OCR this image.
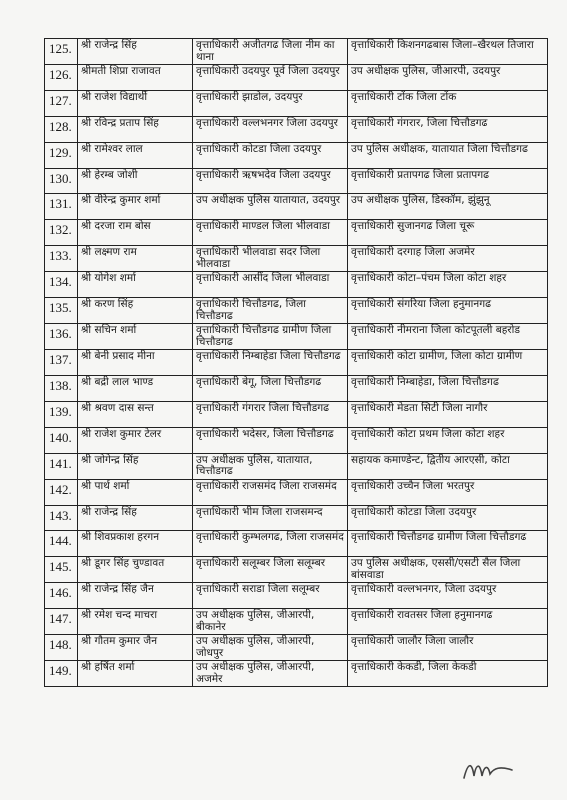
125.	श्री राजेन्द्र सिंह	वृत्ताधिकारी अजीतगढ जिला नीम का थाना	वृत्ताधिकारी किशनगढबास जिला–खैरथल तिजारा
126.	श्रीमती शिप्रा राजावत	वृत्ताधिकारी उदयपुर पूर्व जिला उदयपुर	उप अधीक्षक पुलिस, जीआरपी, उदयपुर
127.	श्री राजेश विद्यार्थी	वृत्ताधिकारी झाडोल, उदयपुर	वृत्ताधिकारी टोंक जिला टोंक
128.	श्री रविन्द्र प्रताप सिंह	वृत्ताधिकारी वल्लभनगर जिला उदयपुर	वृत्ताधिकारी गंगरार, जिला चित्तौडगढ
129.	श्री रामेश्वर लाल	वृत्ताधिकारी कोटडा जिला उदयपुर	उप पुलिस अधीक्षक, यातायात जिला चित्तौडगढ
130.	श्री हेरम्ब जोशी	वृत्ताधिकारी ऋषभदेव जिला उदयपुर	वृत्ताधिकारी प्रतापगढ जिला प्रतापगढ
131.	श्री वीरेन्द्र कुमार शर्मा	उप अधीक्षक पुलिस यातायात, उदयपुर	उप अधीक्षक पुलिस, डिस्कॉम, झुंझुनू
132.	श्री दरजा राम बोस	वृत्ताधिकारी माण्डल जिला भीलवाडा	वृत्ताधिकारी सुजानगढ जिला चूरू
133.	श्री लक्ष्मण राम	वृत्ताधिकारी भीलवाडा सदर जिला भीलवाडा	वृत्ताधिकारी दरगाह जिला अजमेर
134.	श्री योगेश शर्मा	वृत्ताधिकारी आसींद जिला भीलवाडा	वृत्ताधिकारी कोटा–पंचम जिला कोटा शहर
135.	श्री करण सिंह	वृत्ताधिकारी चित्तौडगढ, जिला चित्तौडगढ	वृत्ताधिकारी संगरिया जिला हनुमानगढ
136.	श्री सचिन शर्मा	वृत्ताधिकारी चित्तौडगढ ग्रामीण जिला चित्तौडगढ	वृत्ताधिकारी नीमराना जिला कोटपूतली बहरोड
137.	श्री बेनी प्रसाद मीना	वृत्ताधिकारी निम्बाहेडा जिला चित्तौडगढ	वृत्ताधिकारी कोटा ग्रामीण, जिला कोटा ग्रामीण
138.	श्री बद्री लाल भाण्ड	वृत्ताधिकारी बेगू, जिला चित्तौडगढ	वृत्ताधिकारी निम्बाहेडा, जिला चित्तौडगढ
139.	श्री श्रवण दास सन्त	वृत्ताधिकारी गंगरार जिला चित्तौडगढ	वृत्ताधिकारी मेडता सिटी जिला नागौर
140.	श्री राजेश कुमार टेलर	वृत्ताधिकारी भदेसर, जिला चित्तौडगढ	वृत्ताधिकारी कोटा प्रथम जिला कोटा शहर
141.	श्री जोगेन्द्र सिंह	उप अधीक्षक पुलिस, यातायात, चित्तौडगढ	सहायक कमाण्डेन्ट, द्वितीय आरएसी, कोटा
142.	श्री पार्थ शर्मा	वृत्ताधिकारी राजसमंद जिला राजसमंद	वृत्ताधिकारी उच्चैन जिला भरतपुर
143.	श्री राजेन्द्र सिंह	वृत्ताधिकारी भीम जिला राजसमन्द	वृत्ताधिकारी कोटडा जिला उदयपुर
144.	श्री शिवप्रकाश हरगन	वृत्ताधिकारी कुम्भलगढ, जिला राजसमंद	वृत्ताधिकारी चित्तौडगढ ग्रामीण जिला चित्तौडगढ
145.	श्री डूगर सिंह चुण्डावत	वृत्ताधिकारी सलूम्बर जिला सलूम्बर	उप पुलिस अधीक्षक, एससी/एसटी सैल जिला बांसवाडा
146.	श्री राजेन्द्र सिंह जैन	वृत्ताधिकारी सराडा जिला सलूम्बर	वृत्ताधिकारी वल्लभनगर, जिला उदयपुर
147.	श्री रमेश चन्द माचरा	उप अधीक्षक पुलिस, जीआरपी, बीकानेर	वृत्ताधिकारी रावतसर जिला हनुमानगढ
148.	श्री गौतम कुमार जैन	उप अधीक्षक पुलिस, जीआरपी, जोधपुर	वृत्ताधिकारी जालौर जिला जालौर
149.	श्री हर्षित शर्मा	उप अधीक्षक पुलिस, जीआरपी, अजमेर	वृत्ताधिकारी केकडी, जिला केकडी
